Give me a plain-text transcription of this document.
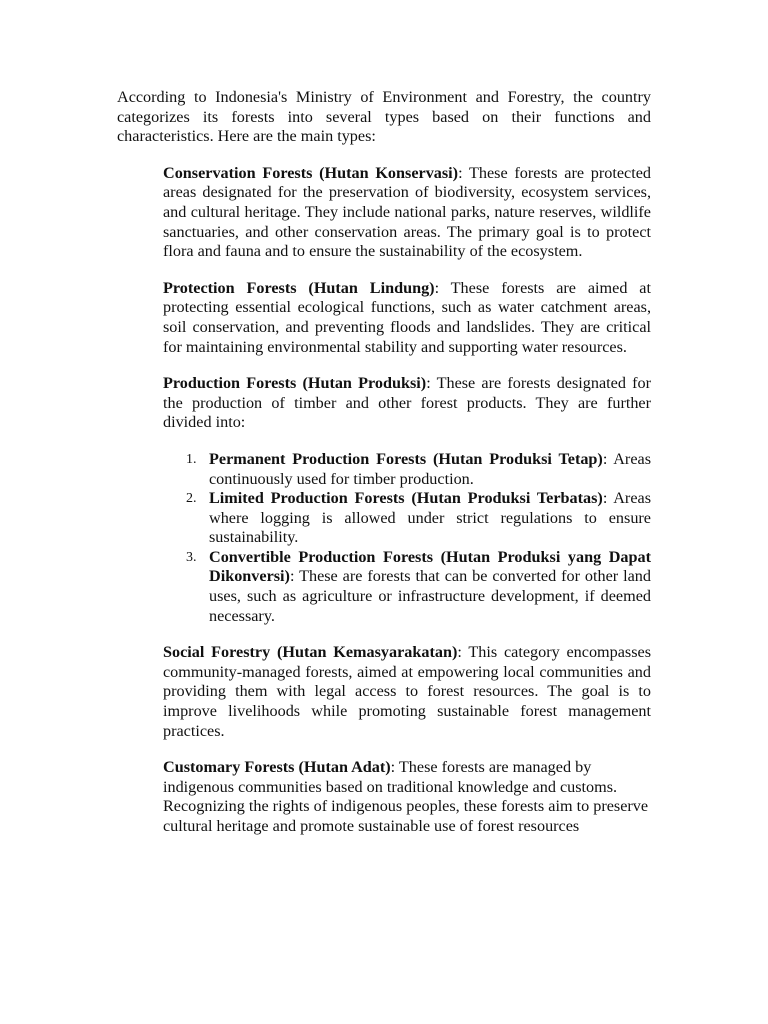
According to Indonesia's Ministry of Environment and Forestry, the country categorizes its forests into several types based on their functions and characteristics. Here are the main types:

Conservation Forests (Hutan Konservasi): These forests are protected areas designated for the preservation of biodiversity, ecosystem services, and cultural heritage. They include national parks, nature reserves, wildlife sanctuaries, and other conservation areas. The primary goal is to protect flora and fauna and to ensure the sustainability of the ecosystem.

Protection Forests (Hutan Lindung): These forests are aimed at protecting essential ecological functions, such as water catchment areas, soil conservation, and preventing floods and landslides. They are critical for maintaining environmental stability and supporting water resources.

Production Forests (Hutan Produksi): These are forests designated for the production of timber and other forest products. They are further divided into:

1. Permanent Production Forests (Hutan Produksi Tetap): Areas continuously used for timber production.

2. Limited Production Forests (Hutan Produksi Terbatas): Areas where logging is allowed under strict regulations to ensure sustainability.

3. Convertible Production Forests (Hutan Produksi yang Dapat Dikonversi): These are forests that can be converted for other land uses, such as agriculture or infrastructure development, if deemed necessary.

Social Forestry (Hutan Kemasyarakatan): This category encompasses community-managed forests, aimed at empowering local communities and providing them with legal access to forest resources. The goal is to improve livelihoods while promoting sustainable forest management practices.

Customary Forests (Hutan Adat): These forests are managed by indigenous communities based on traditional knowledge and customs. Recognizing the rights of indigenous peoples, these forests aim to preserve cultural heritage and promote sustainable use of forest resources
